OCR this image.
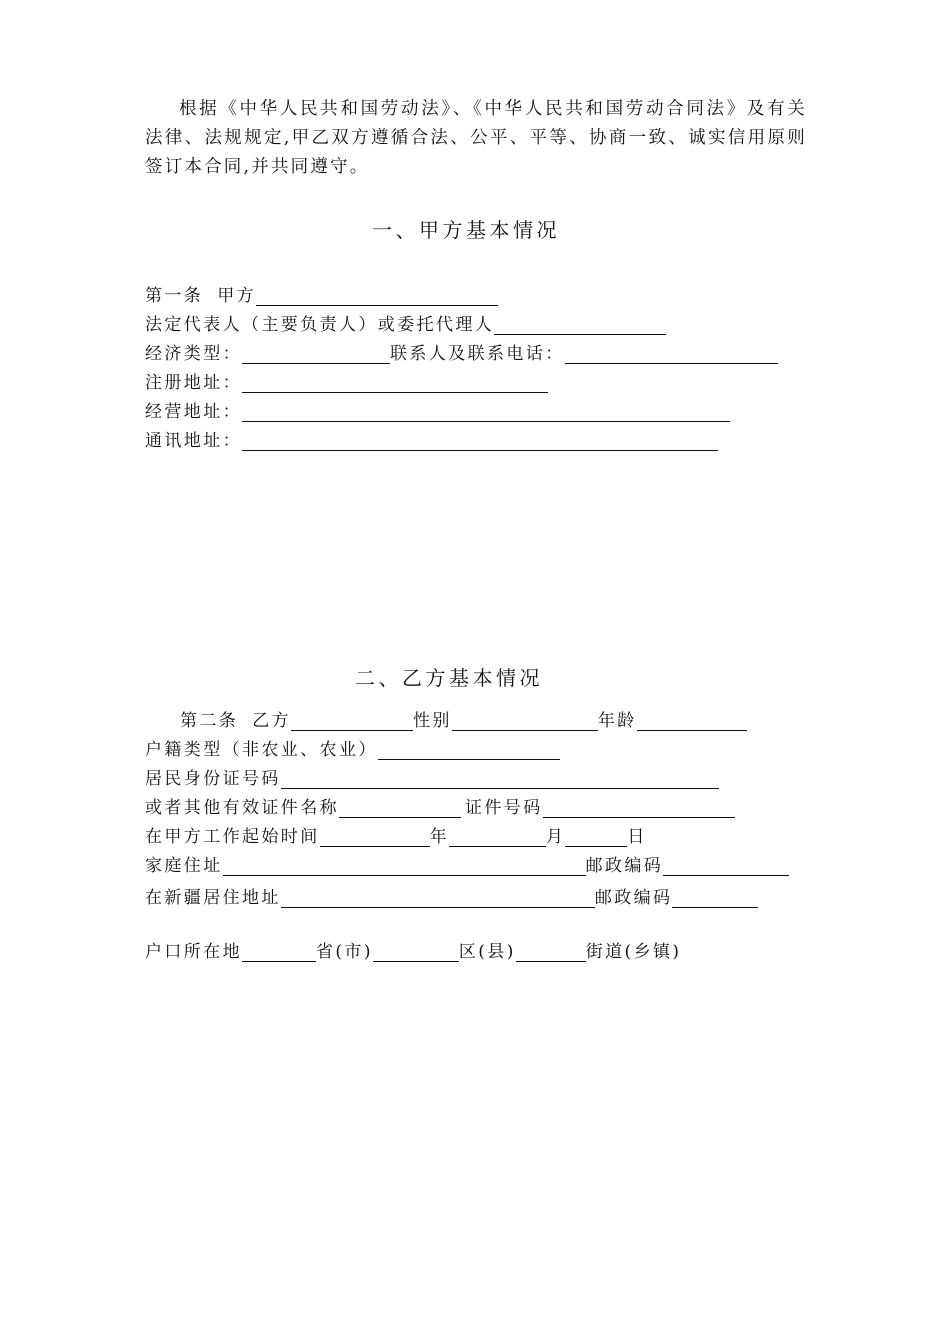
根据《中华人民共和国劳动法》、《中华人民共和国劳动合同法》及有关法律、法规规定,甲乙双方遵循合法、公平、平等、协商一致、诚实信用原则签订本合同,并共同遵守。
一、甲方基本情况
第一条 甲方
法定代表人（主要负责人）或委托代理人
经济类型：	联系人及联系电话：
注册地址：
经营地址：
通讯地址：
二、乙方基本情况
第二条 乙方	性别	年龄
户籍类型（非农业、农业）
居民身份证号码
或者其他有效证件名称	证件号码
在甲方工作起始时间	年	月	日
家庭住址	邮政编码
在新疆居住地址	邮政编码
户口所在地	省(市)	区(县)	街道(乡镇)
